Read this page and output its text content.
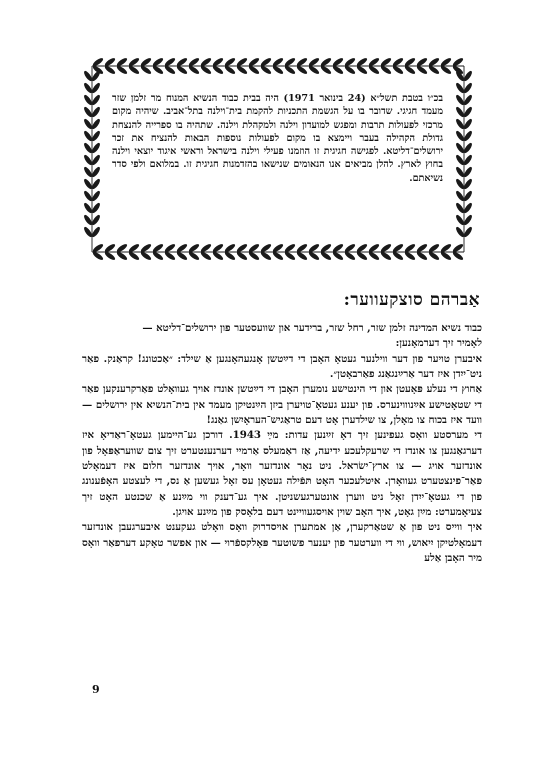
בכ״ו בטבת תשל״א (24 בינואר 1971) היה בבית כבוד הנשיא המנוח מר זלמן שזר מעמד חגיגי. שדובר בו על הגשמת התכניות להקמת בית־וילנה בתל־אביב. שיהיה מקום מרכזי לפעולות תרבות ומפגש למועדון וילנה ולמקהלת וילנה. שתהיה בו ספרייה להנצחת גדולת הקהילה בעבר ויימצא בו מקום לפעולות נוספות הבאות להנציח את זכר ירושלים־דליטא. לפגישה חגיגית זו הוזמנו פעילי וילנה בישראל וראשי איגוד יוצאי וילנה בחוץ לארץ. להלן מביאים אנו הנאומים שנישאו בהזדמנות חגיגית זו. במלואם ולפי סדר נשיאתם.

אַברהם סוצקעווער:

כבוד נשיא המדינה זלמן שזר, רחל שזר, ברידער און שוועסטער פון ירושלים־דליטא —

לאָמיר זיך דערמאָנען:

איבערן טויער פון דער ווילנער געטאָ האָבן די דײַטשן אָנגעהאָנגען אַ שילד: ״אַכטונג! קראַנק. פאַר ניט־ייִדן איז דער אַרײַנגאַנג פאַרבאָטן״.

אַחוץ די נעלע פּאָעטן און די הינטישע נומערן האָבן די דײַטשן אונדז אויך געוואָלט פאַרקרענקען פאַר די שטאָטישע אײַנוווינערס. פון יענע געטאָ־טויערן ביזן הײַנטיקן מעמד אין בית־הנשיא אין ירושלים — וועד איז בכוח צו מאָלן, צו שילדערן אָט דעם טראַגיש־העראָיִשן גאַנג!

די מערסטע וואָס געפינען זיך דאָ זײַנען עדות: מײַ 1943. דורכן גע־היימען געטאָ־ראַדיאָ איז דערגאַנגען צו אונדז די שרעקלעכע ידיעה, אַז ראַמעלס אַרמיי דערנענטערט זיך צום שוועראַפּאָל פון אונדזער אויג — צו ארץ־ישׂראל. ניט נאָר אונדזער וואָר, אויך אונדזער חלום איז דעמאָלט פאַר־פינצטערט געוואָרן. איטלעכער האָט תּפֿילה געטאָן עס זאָל געשען אַ נס, די לעצטע האָפֿענונג פון די געטאָ־ייִדן זאָל ניט ווערן אונטערגעשניטן. איך גע־דענק ווי מײַנע אַ שכנטע האָט זיך צעיאָמערט: מײַן גאָט, איך האָב שוין אויסגעוויינט דעם בלאָסק פון מײַנע אויגן.

איך ווייס ניט פון אַ שטאַרקערן, אַן אמתערן אויסדרוק וואָס וואָלט געקענט איבערגעבן אונדזער דעמאָלטיקן יִיאוש, ווי די ווערטער פון יענער פשוטער פּאָלקספֿרוי — און אפשר טאָקע דערפאַר וואָס מיר האָבן אַלע

9
